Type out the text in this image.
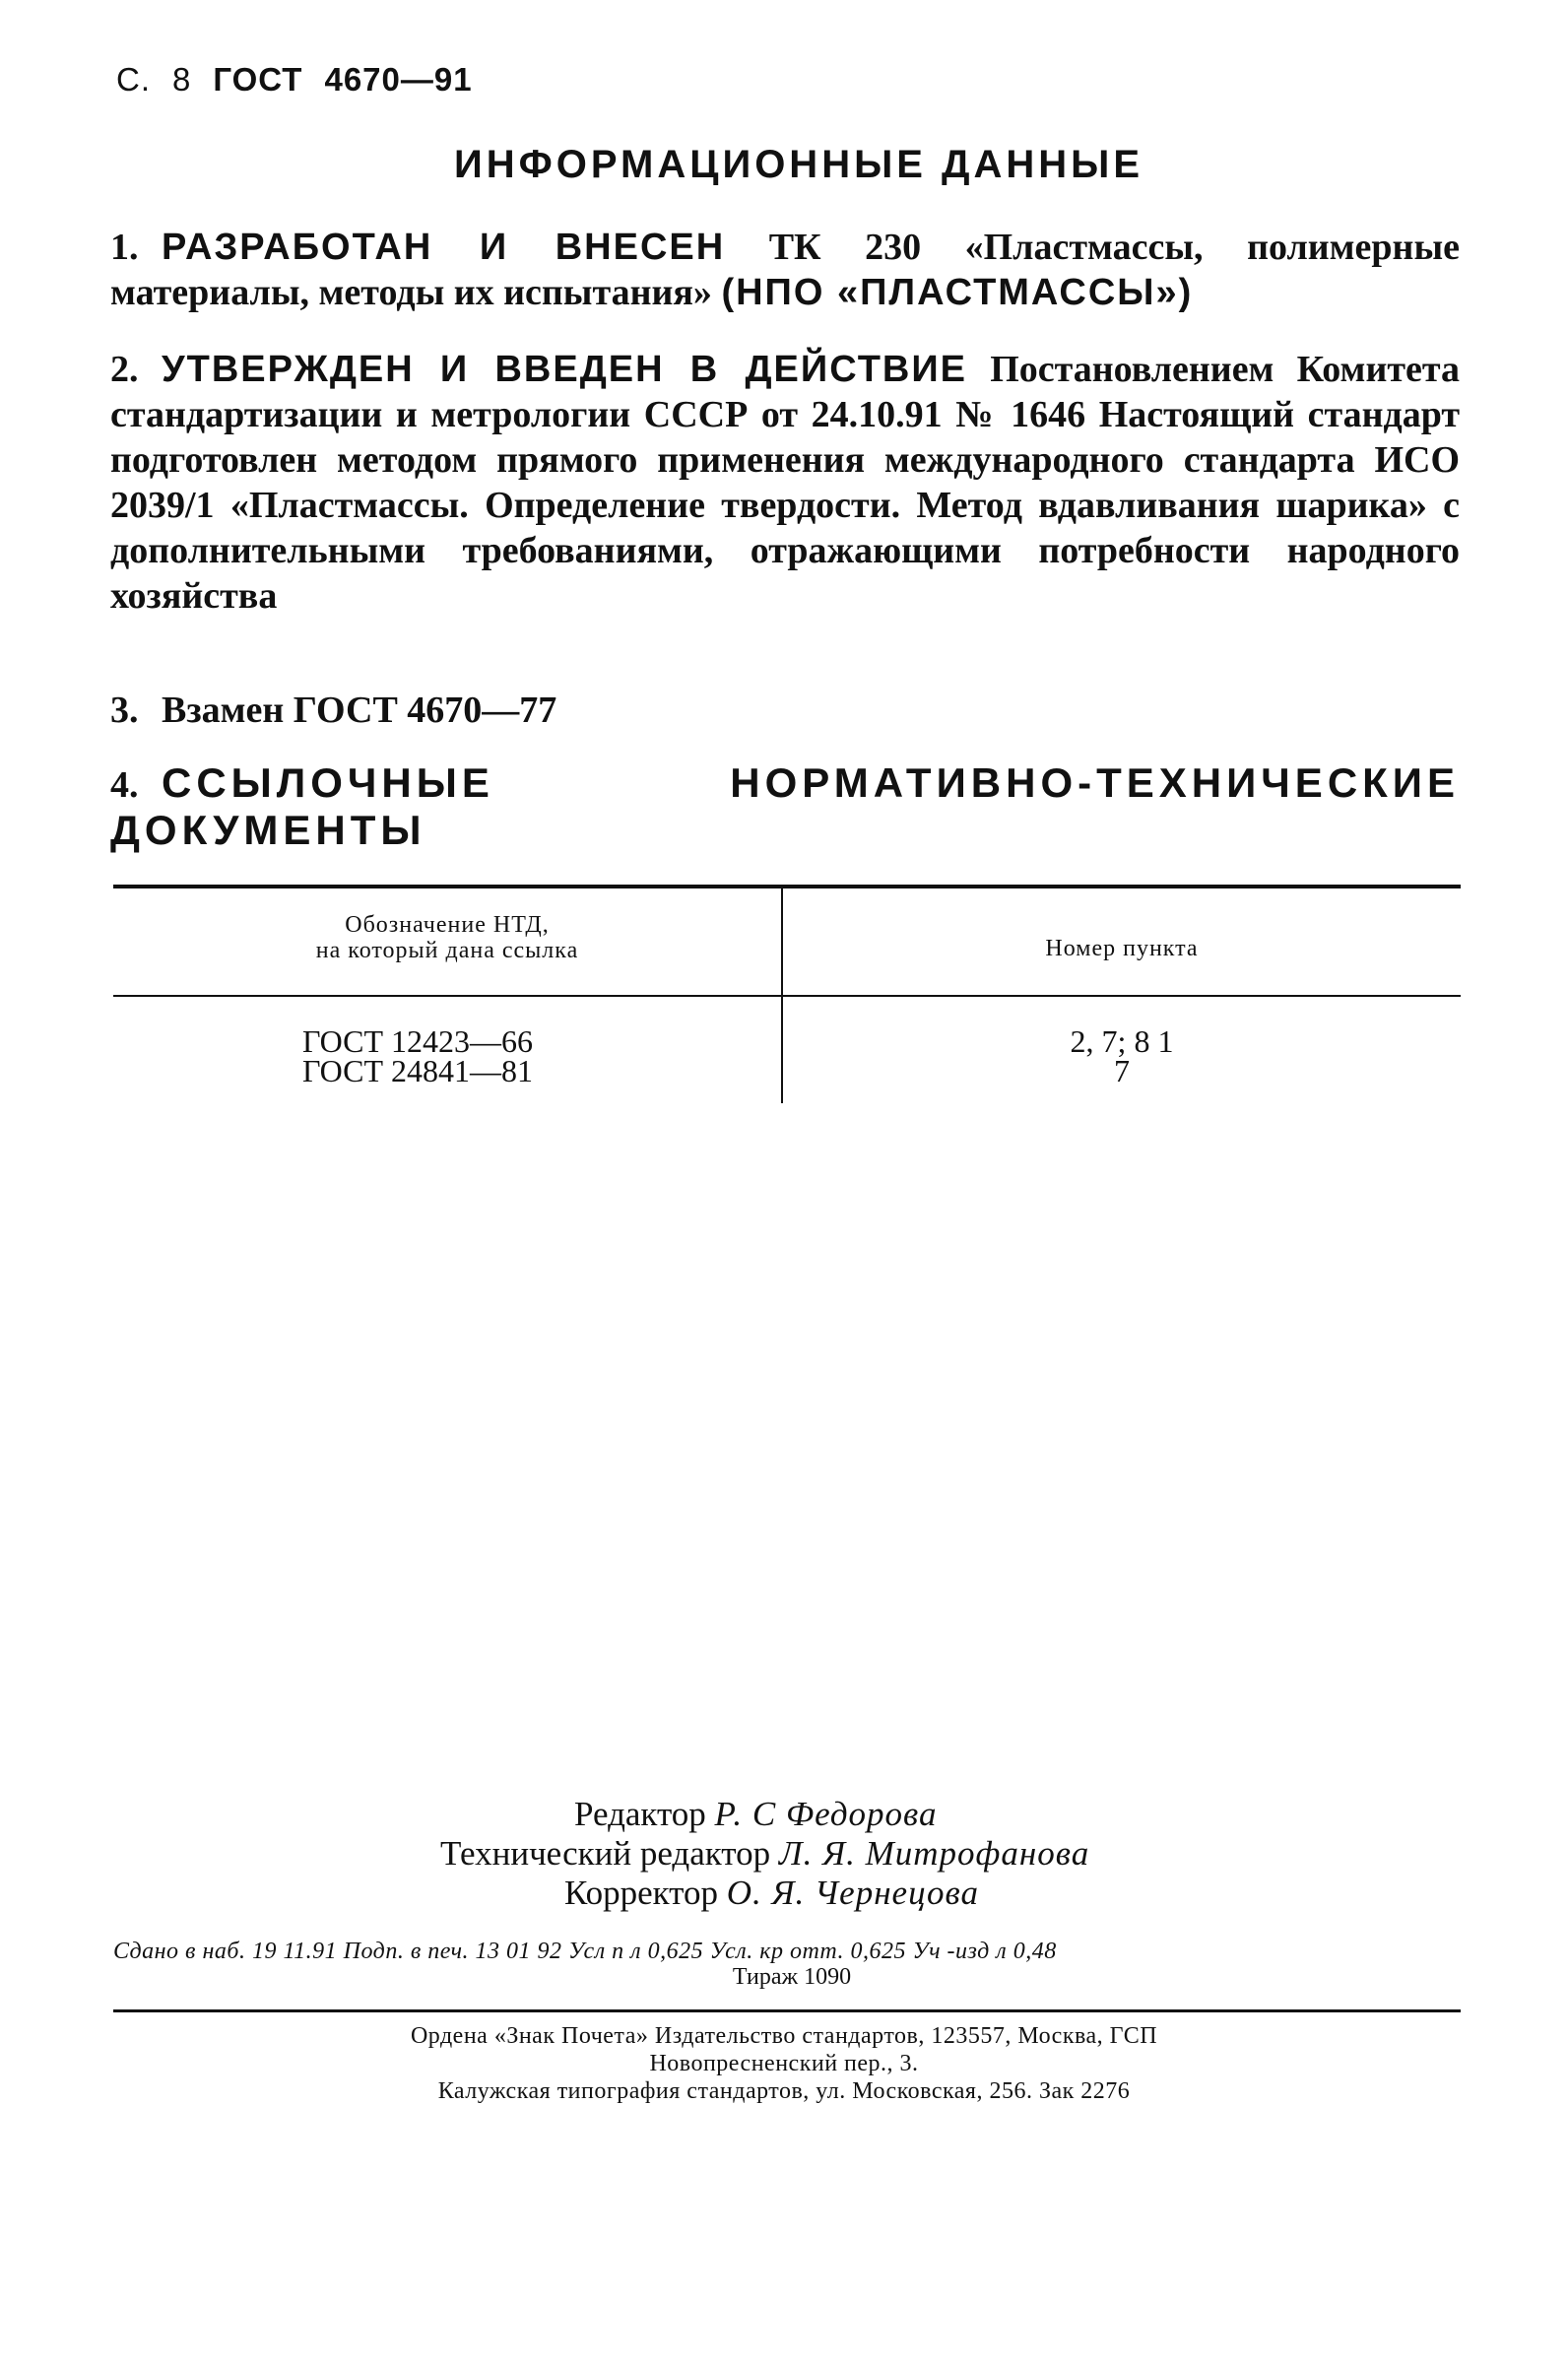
С. 8 ГОСТ 4670—91
ИНФОРМАЦИОННЫЕ ДАННЫЕ
1. РАЗРАБОТАН И ВНЕСЕН ТК 230 «Пластмассы, полимерные материалы, методы их испытания» (НПО «ПЛАСТМАССЫ»)
2. УТВЕРЖДЕН И ВВЕДЕН В ДЕЙСТВИЕ Постановлением Комитета стандартизации и метрологии СССР от 24.10.91 № 1646 Настоящий стандарт подготовлен методом прямого применения международного стандарта ИСО 2039/1 «Пластмассы. Определение твердости. Метод вдавливания шарика» с дополнительными требованиями, отражающими потребности народного хозяйства
3. Взамен ГОСТ 4670—77
4. ССЫЛОЧНЫЕ НОРМАТИВНО-ТЕХНИЧЕСКИЕ ДОКУМЕНТЫ
Обозначение НТД,
на который дана ссылка	Номер пункта
ГОСТ 12423—66
ГОСТ 24841—81
2, 7; 8 1
7
Редактор Р. С Федорова
Технический редактор Л. Я. Митрофанова
Корректор О. Я. Чернецова
Сдано в наб. 19 11.91 Подп. в печ. 13 01 92 Усл п л 0,625 Усл. кр отт. 0,625 Уч -изд л 0,48
Тираж 1090
Ордена «Знак Почета» Издательство стандартов, 123557, Москва, ГСП
Новопресненский пер., 3.
Калужская типография стандартов, ул. Московская, 256. Зак 2276
